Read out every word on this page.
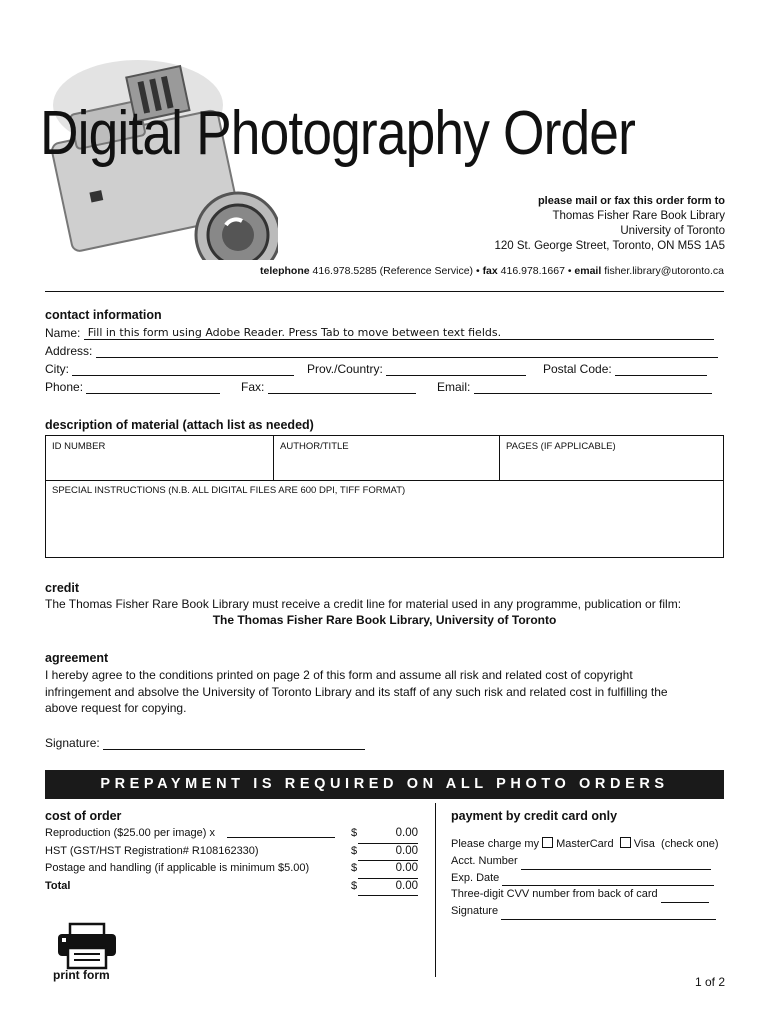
Digital Photography Order
please mail or fax this order form to
Thomas Fisher Rare Book Library
University of Toronto
120 St. George Street, Toronto, ON M5S 1A5
telephone 416.978.5285 (Reference Service) • fax 416.978.1667 • email fisher.library@utoronto.ca
contact information
Name: Fill in this form using Adobe Reader. Press Tab to move between text fields.
Address:
City:	Prov./Country:	Postal Code:
Phone:	Fax:	Email:
description of material (attach list as needed)
ID NUMBER	AUTHOR/TITLE	PAGES (IF APPLICABLE)
SPECIAL INSTRUCTIONS (N.B. ALL DIGITAL FILES ARE 600 DPI, TIFF FORMAT)
credit
The Thomas Fisher Rare Book Library must receive a credit line for material used in any programme, publication or film:
The Thomas Fisher Rare Book Library, University of Toronto
agreement
I hereby agree to the conditions printed on page 2 of this form and assume all risk and related cost of copyright
infringement and absolve the University of Toronto Library and its staff of any such risk and related cost in fulfilling the
above request for copying.
Signature:
PREPAYMENT IS REQUIRED ON ALL PHOTO ORDERS
cost of order
Reproduction ($25.00 per image) x	$	0.00
HST (GST/HST Registration# R108162330)	$	0.00
Postage and handling (if applicable is minimum $5.00)	$	0.00
Total	$	0.00
payment by credit card only
Please charge my MasterCard Visa (check one)
Acct. Number
Exp. Date
Three-digit CVV number from back of card
Signature
print form	1 of 2
